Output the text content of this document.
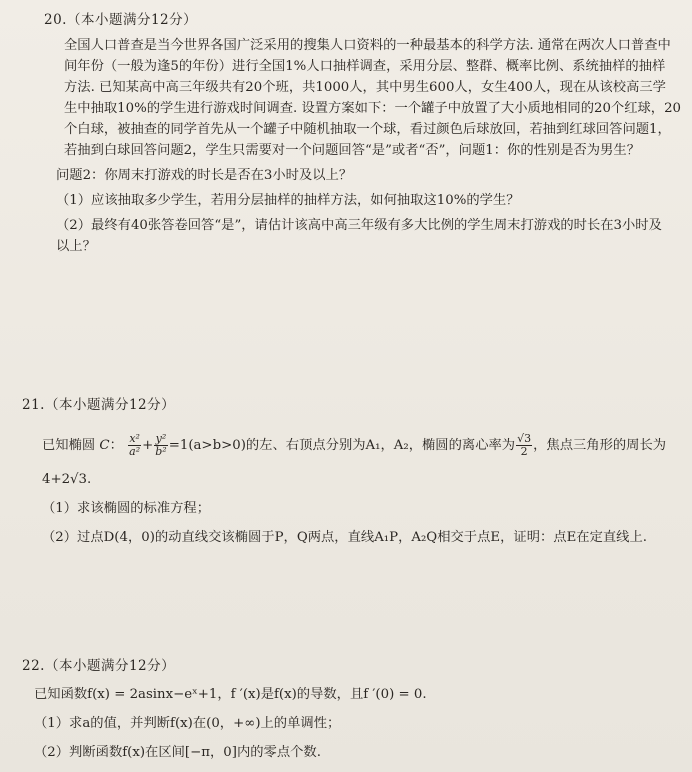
20.（本小题满分12分）
全国人口普查是当今世界各国广泛采用的搜集人口资料的一种最基本的科学方法. 通常在两次人口普查中
间年份（一般为逢5的年份）进行全国1%人口抽样调查，采用分层、整群、概率比例、系统抽样的抽样
方法. 已知某高中高三年级共有20个班，共1000人，其中男生600人，女生400人，现在从该校高三学
生中抽取10%的学生进行游戏时间调查. 设置方案如下：一个罐子中放置了大小质地相同的20个红球，20
个白球，被抽查的同学首先从一个罐子中随机抽取一个球，看过颜色后球放回，若抽到红球回答问题1，
若抽到白球回答问题2，学生只需要对一个问题回答“是”或者“否”，问题1：你的性别是否为男生？
问题2：你周末打游戏的时长是否在3小时及以上？
（1）应该抽取多少学生，若用分层抽样的抽样方法，如何抽取这10%的学生？
（2）最终有40张答卷回答“是”，请估计该高中高三年级有多大比例的学生周末打游戏的时长在3小时及
以上？
21.（本小题满分12分）
已知椭圆 C： $\frac{\text{x²}}{\text{a²}} + \frac{\text{y²}}{\text{b²}} =1(a>b>0)$的左、右顶点分别为A₁，A₂，椭圆的离心率为 $\frac{√3}{2}$ ，焦点三角形的周长为
4+2√3.
（1）求该椭圆的标准方程；
（2）过点D(4，0)的动直线交该椭圆于P，Q两点，直线A₁P，A₂Q相交于点E，证明：点E在定直线上.
22.（本小题满分12分）
已知函数f(x) = 2asinx−eˣ+1，f ′(x)是f(x)的导数，且f ′(0) = 0.
（1）求a的值，并判断f(x)在(0，+∞)上的单调性；
（2）判断函数f(x)在区间[−π，0]内的零点个数.
